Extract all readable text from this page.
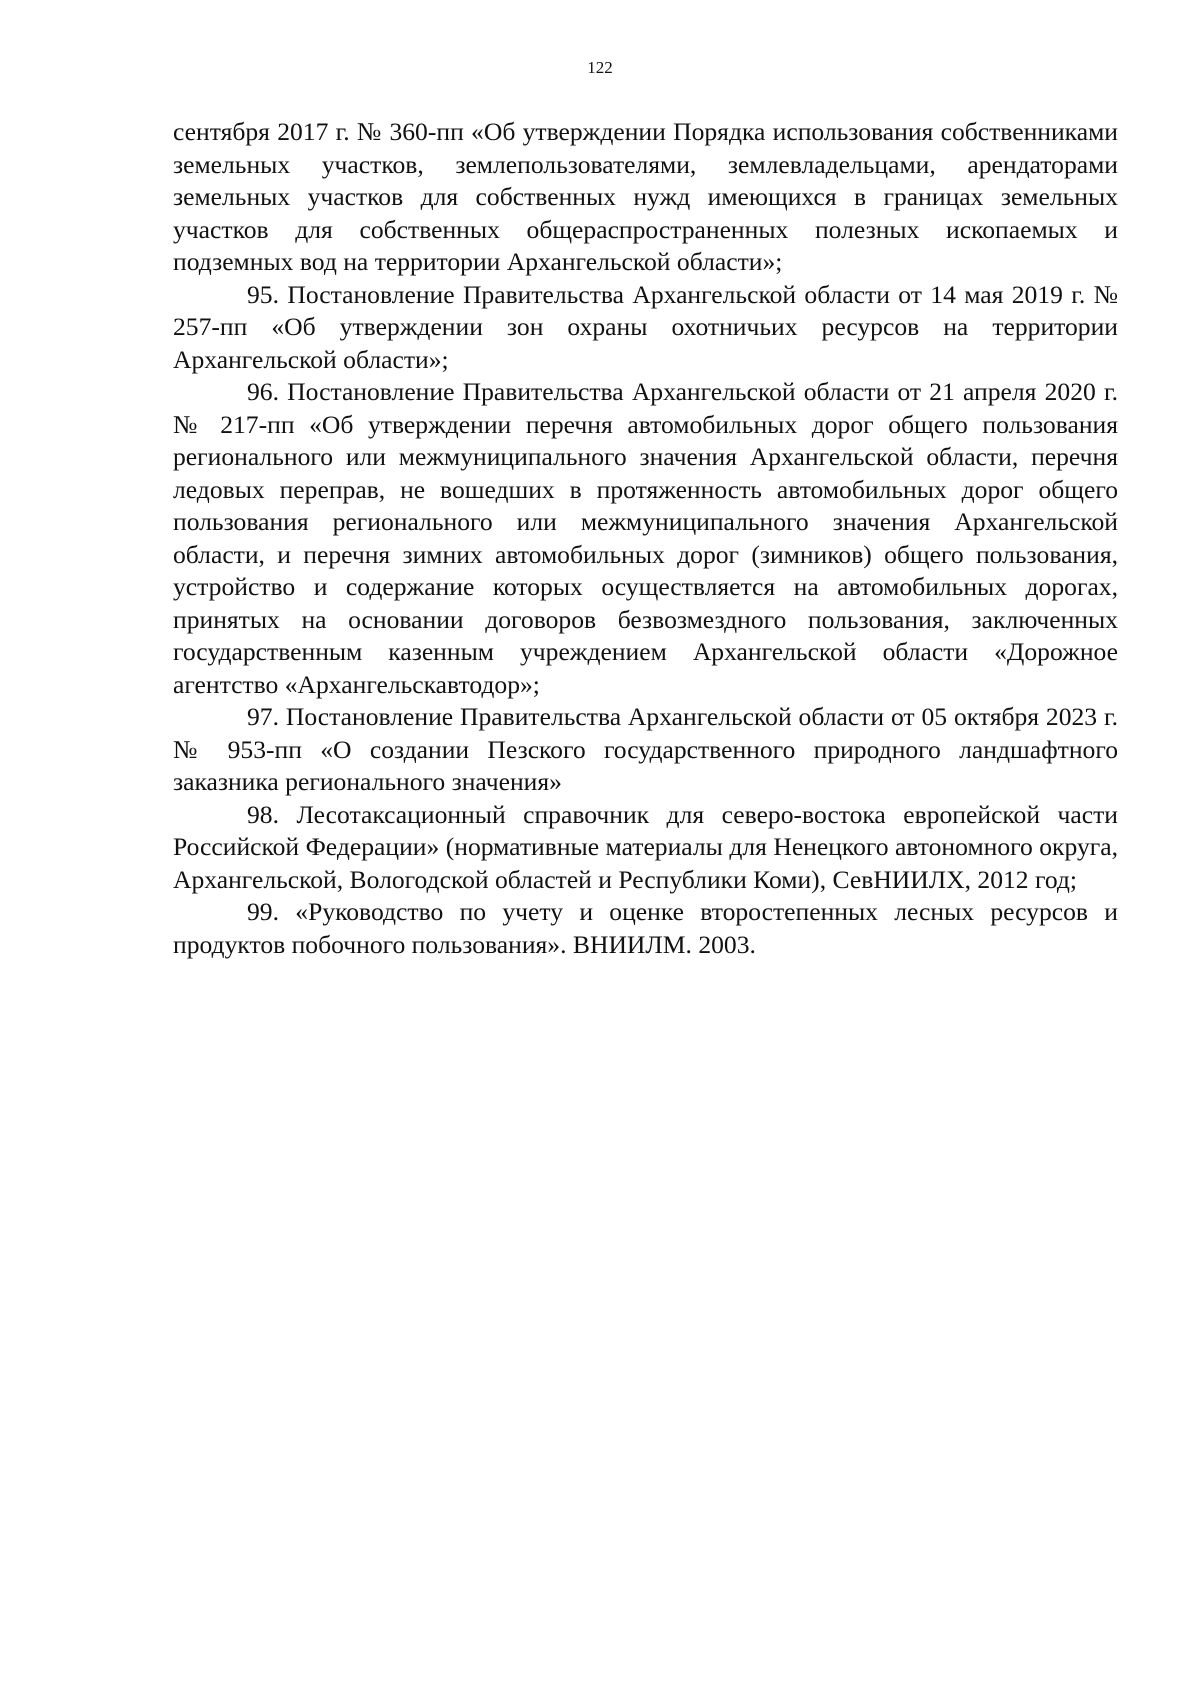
122

сентября 2017 г. № 360-пп «Об утверждении Порядка использования собственниками земельных участков, землепользователями, землевладельцами, арендаторами земельных участков для собственных нужд имеющихся в границах земельных участков для собственных общераспространенных полезных ископаемых и подземных вод на территории Архангельской области»;

95. Постановление Правительства Архангельской области от 14 мая 2019 г. № 257-пп «Об утверждении зон охраны охотничьих ресурсов на территории Архангельской области»;

96. Постановление Правительства Архангельской области от 21 апреля 2020 г. № 217-пп «Об утверждении перечня автомобильных дорог общего пользования регионального или межмуниципального значения Архангельской области, перечня ледовых переправ, не вошедших в протяженность автомобильных дорог общего пользования регионального или межмуниципального значения Архангельской области, и перечня зимних автомобильных дорог (зимников) общего пользования, устройство и содержание которых осуществляется на автомобильных дорогах, принятых на основании договоров безвозмездного пользования, заключенных государственным казенным учреждением Архангельской области «Дорожное агентство «Архангельскавтодор»;

97. Постановление Правительства Архангельской области от 05 октября 2023 г. № 953-пп «О создании Пезского государственного природного ландшафтного заказника регионального значения»

98. Лесотаксационный справочник для северо-востока европейской части Российской Федерации» (нормативные материалы для Ненецкого автономного округа, Архангельской, Вологодской областей и Республики Коми), СевНИИЛХ, 2012 год;

99. «Руководство по учету и оценке второстепенных лесных ресурсов и продуктов побочного пользования». ВНИИЛМ. 2003.
